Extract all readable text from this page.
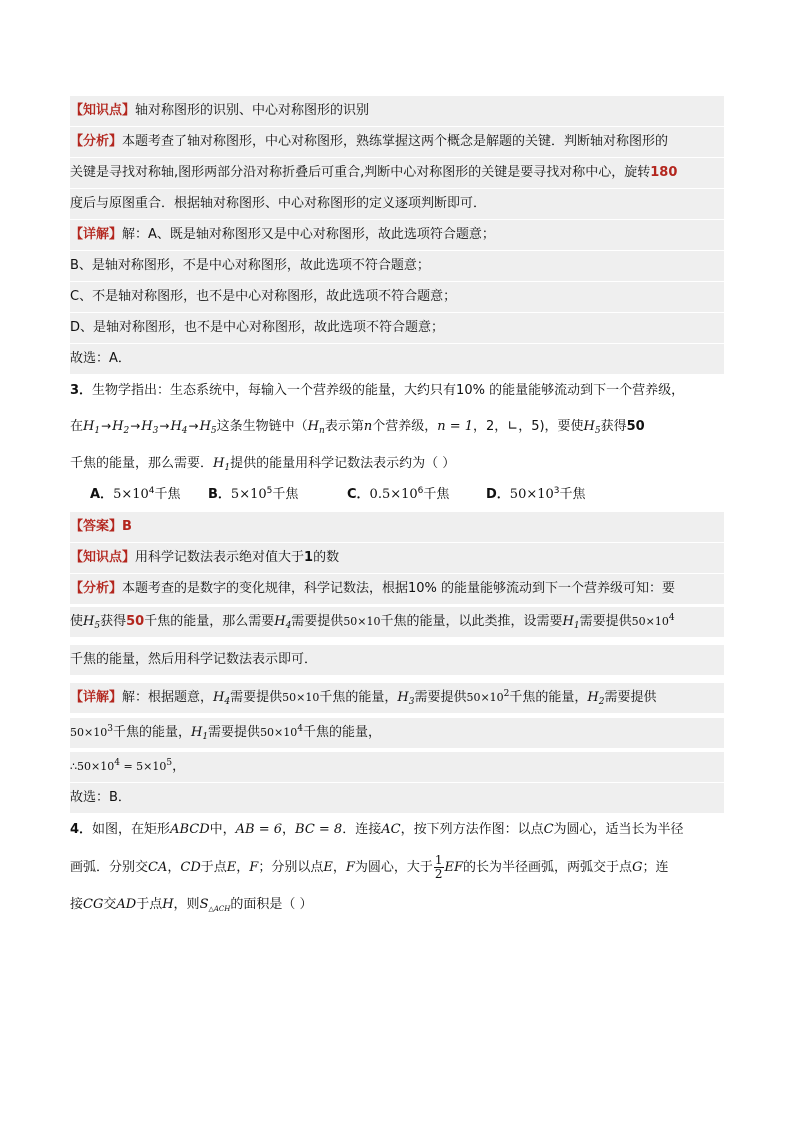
【知识点】轴对称图形的识别、中心对称图形的识别
【分析】本题考查了轴对称图形，中心对称图形，熟练掌握这两个概念是解题的关键．判断轴对称图形的
关键是寻找对称轴,图形两部分沿对称折叠后可重合,判断中心对称图形的关键是要寻找对称中心，旋转180
度后与原图重合．根据轴对称图形、中心对称图形的定义逐项判断即可．
【详解】解：A、既是轴对称图形又是中心对称图形，故此选项符合题意；
B、是轴对称图形，不是中心对称图形，故此选项不符合题意；
C、不是轴对称图形，也不是中心对称图形，故此选项不符合题意；
D、是轴对称图形，也不是中心对称图形，故此选项不符合题意；
故选：A．
3．生物学指出：生态系统中，每输入一个营养级的能量，大约只有10% 的能量能够流动到下一个营养级，
在$H_1\to H_2\to H_3\to H_4\to H_5$这条生物链中（$H_n$表示第n个营养级，n = 1，2，∟，5)，要使$H_5$获得50
千焦的能量，那么需要．$H_1$提供的能量用科学记数法表示约为（ ）
A．$5\times 10^4$千焦 B．$5\times 10^5$千焦	C．$0.5\times 10^6$千焦	D．$50\times 10^3$千焦
【答案】B
【知识点】用科学记数法表示绝对值大于1的数
【分析】本题考查的是数字的变化规律，科学记数法，根据10% 的能量能够流动到下一个营养级可知：要
使$H_5$获得50千焦的能量，那么需要$H_4$需要提供50×10千焦的能量，以此类推，设需要$H_1$需要提供$50\times 10^4$
千焦的能量，然后用科学记数法表示即可．
【详解】解：根据题意，$H_4$需要提供50×10千焦的能量，$H_3$需要提供$50\times 10^2$千焦的能量，$H_2$需要提供
$50\times 10^3$千焦的能量，$H_1$需要提供$50\times 10^4$千焦的能量，
$\therefore 50\times 10^4 = 5\times 10^5$，
故选：B．
4．如图，在矩形ABCD中，AB = 6，BC = 8．连接AC，按下列方法作图：以点C为圆心，适当长为半径
画弧．分别交CA，CD于点E，F；分别以点E，F为圆心，大于 $\frac{1}{2}$ EF的长为半径画弧，两弧交于点G；连
接CG交AD于点H，则$S_{\triangle ACH}$的面积是（ ）
